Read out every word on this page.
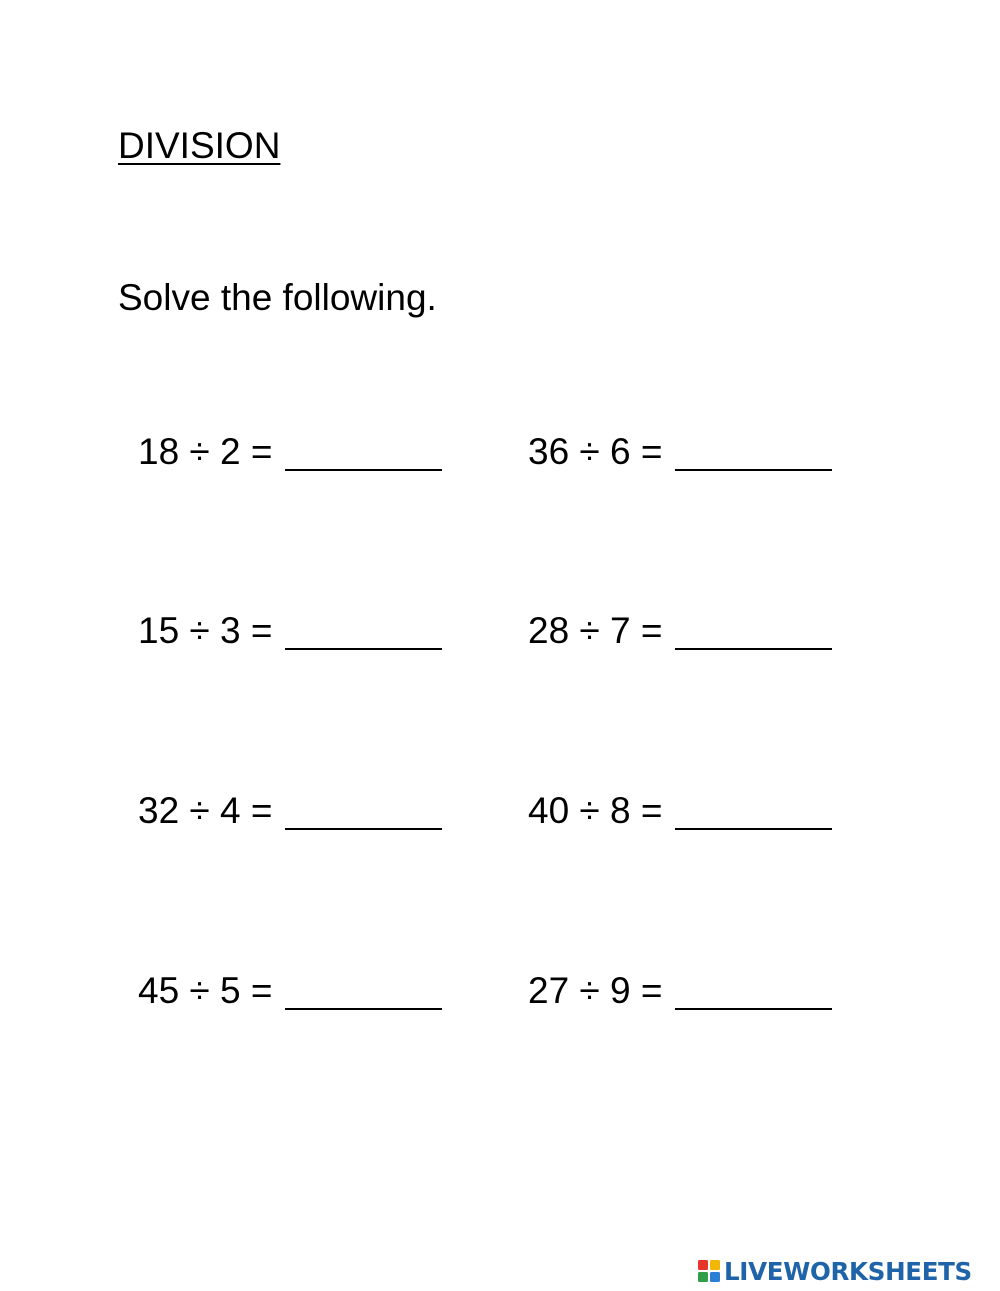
DIVISION
Solve the following.
18 ÷ 2 =	36 ÷ 6 =
15 ÷ 3 =	28 ÷ 7 =
32 ÷ 4 =	40 ÷ 8 =
45 ÷ 5 =	27 ÷ 9 =
LIVEWORKSHEETS
